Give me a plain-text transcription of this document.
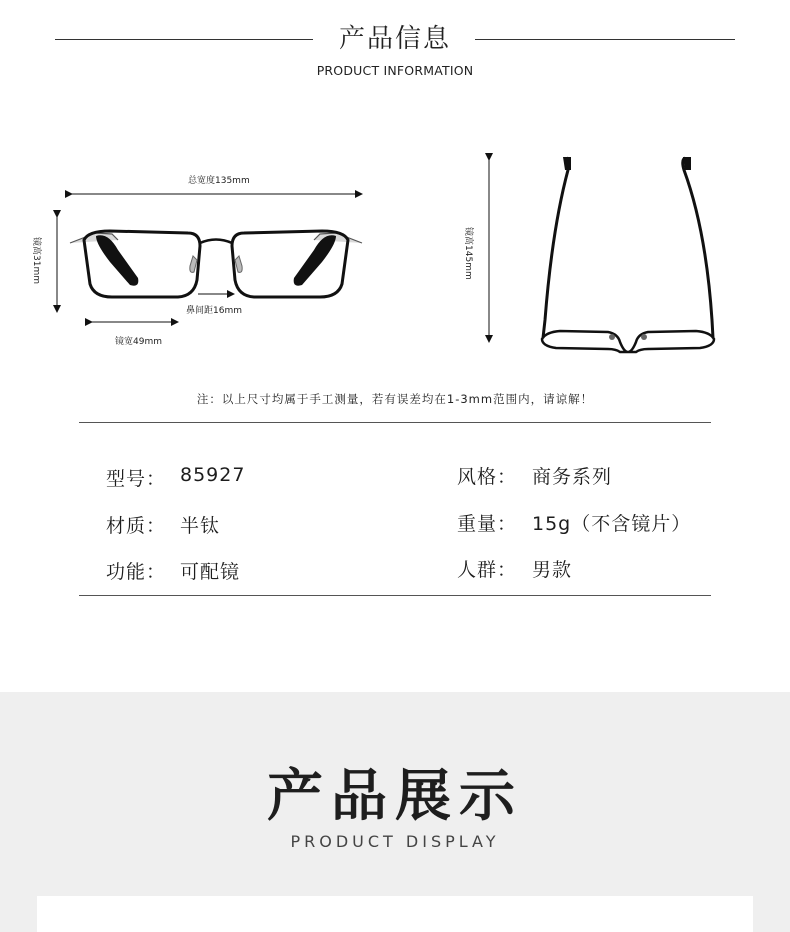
产品信息
PRODUCT INFORMATION
总宽度135mm
镜高31mm
鼻间距16mm
镜宽49mm
镜高145mm
注：以上尺寸均属于手工测量，若有误差均在1-3mm范围内，请谅解！
型号： 85927
材质： 半钛
功能： 可配镜
风格： 商务系列
重量： 15g（不含镜片）
人群： 男款
产品展示
PRODUCT DISPLAY
